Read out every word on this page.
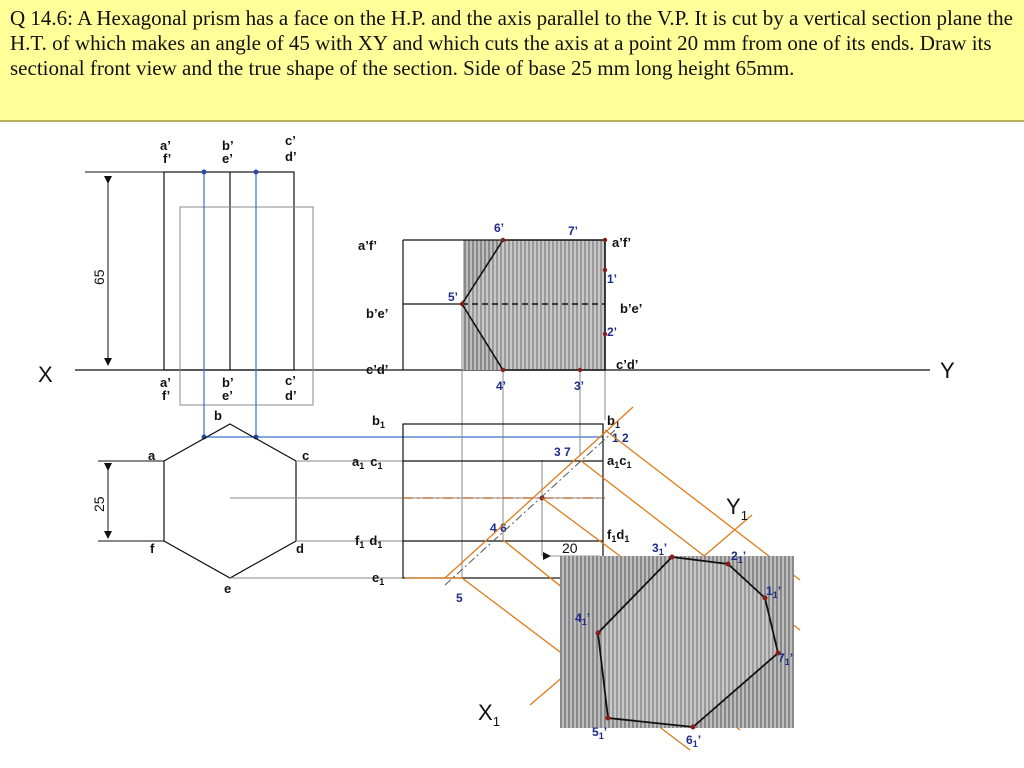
Q 14.6: A Hexagonal prism has a face on the H.P. and the axis parallel to the V.P. It is cut by a vertical section plane the H.T. of which makes an angle of 45 with XY and which cuts the axis at a point 20 mm from one of its ends. Draw its sectional front view and the true shape of the section. Side of base 25 mm long height 65mm.
X	Y
65
a’
f’
b’
e’
c’
d’
a’
f’
b’
e’
c’
d’
b
a	c
f	d
e
25
a’f’
b’e’
c’d’
a’f’
b’e’
c’d’
6’	7’
1’
5’
2’
4’	3’
$b_1$
$a_1$ $c_1$
$f_1$ $d_1$
$e_1$
$b_1$
$a_1c_1$
$f_1d_1$
1 2
3 7
4 6
5
20	$3_1$’
$2_1$’
$1_1$’
$7_1$’
$4_1$’
$5_1$’
$6_1$’
$Y_1$
$X_1$
